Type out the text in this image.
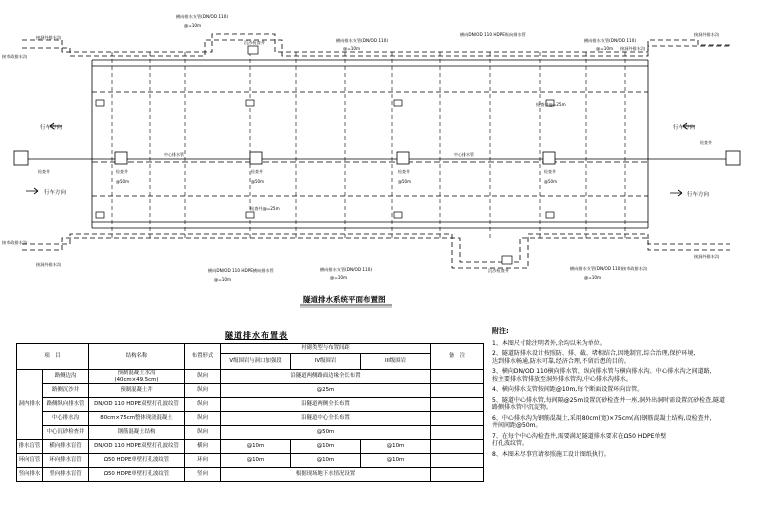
接洞外排水沟
接市政排水沟
接洞外排水沟
接市政排水沟
接洞外排水沟
接洞外排水沟
接洞外排水沟
接市政排水沟
横向排水支管(DN/OD 110)
@=10m
沉沙检查井	横向排水支管(DN/OD 110)
@=10m
横向DN/OD 110 HDPE纵向排水管
横向排水支管(DN/OD 110)
@=10m
检查井@=25m
检查井@=25m
行车方向
行车方向
行车方向
行车方向
中心排水管	中心排水管
检查井
检查井
检查井
@50m
检查井
@50m
检查井
@50m
检查井
@50m
横向DN/OD 110 HDPE横向排水管
@=10m
横向排水支管(DN/OD 110)
@=10m
沉沙检查井	横向排水支管(DN/OD 110)
@=10m
隧道排水系统平面布置图
隧道排水布置表
项　目		结构名称	布置形式	衬砌类型与布置间距			备　注
				V级围岩与洞口加强段	IV级围岩	III级围岩	
洞内排水	路侧边沟	预制混凝土水沟
(40cm×49.5cm)	纵向	沿隧道两侧路面边缘全长布置			
	路侧沉沙井	预制混凝土井	纵向	@25m			
	路侧纵向排水管	DN/OD 110 HDPE双壁打孔波纹管	纵向	沿隧道两侧全长布置			
	中心排水沟	80cm×75cm整体现浇混凝土	纵向	沿隧道中心全长布置			
	中心沉砂检查井	钢筋混凝土结构	纵向	@50m			
排水盲管	横向排水盲管	DN/OD 110 HDPE双壁打孔波纹管	横向	@10m	@10m	@10m	
环向盲管	环向排水盲管	Ω50 HDPE单壁打孔波纹管	环向	@10m	@10m	@10m	
竖向排水	竖向排水盲管	Ω50 HDPE单壁打孔波纹管	竖向	根据现场地下水情况设置			
附注:
1、本图尺寸除注明者外,余均以米为单位。
2、隧道防排水设计按照防、排、截、堵相结合,因地制宜,综合治理,保护环境,
达到排水畅通,防水可靠,经济合理,不留后患的目的。
3、横向DN/OD 110横向排水管、纵向排水管与横向排水沟、中心排水沟之间道路,
按主要排水管排放至洞外排水管沟,中心排水沟排水。
4、横向排水支管按间距@10m,每个断面设置环向盲管。
5、隧道中心排水管,每间隔@25m设置沉砂检查井一座,洞外出洞时需设置沉砂检查,隧道
路侧排水管中沉淀物。
6、中心排水沟为钢筋混凝土,采用80cm(宽)×75cm(高)钢筋混凝土结构,设检查井,
井间间距@50m。
7、在每个中心沟检查井,需要满足隧道排水要求在Ω50 HDPE单壁
打孔波纹管。
8、本图未尽事宜请参照施工设计图纸执行。
